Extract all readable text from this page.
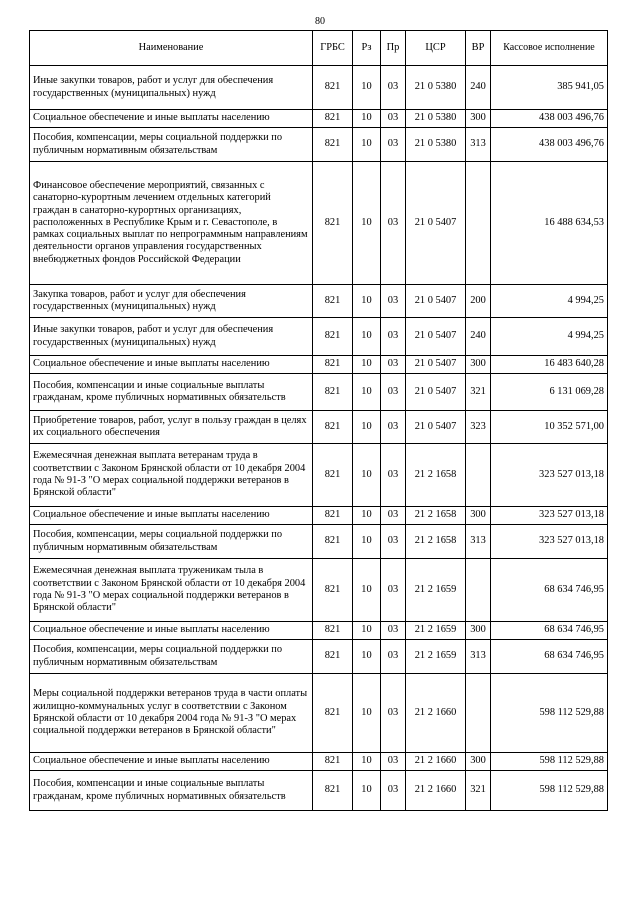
80
Наименование	ГРБС	Рз	Пр	ЦСР	ВР	Кассовое исполнение
Иные закупки товаров, работ и услуг для обеспечения государственных (муниципальных) нужд	821	10	03	21 0 5380	240	385 941,05
Социальное обеспечение и иные выплаты населению	821	10	03	21 0 5380	300	438 003 496,76
Пособия, компенсации, меры социальной поддержки по публичным нормативным обязательствам	821	10	03	21 0 5380	313	438 003 496,76
Финансовое обеспечение мероприятий, связанных с санаторно-курортным лечением отдельных категорий граждан в санаторно-курортных организациях, расположенных в Республике Крым и г. Севастополе, в рамках социальных выплат по непрограммным направлениям деятельности органов управления государственных внебюджетных фондов Российской Федерации	821	10	03	21 0 5407		16 488 634,53
Закупка товаров, работ и услуг для обеспечения государственных (муниципальных) нужд	821	10	03	21 0 5407	200	4 994,25
Иные закупки товаров, работ и услуг для обеспечения государственных (муниципальных) нужд	821	10	03	21 0 5407	240	4 994,25
Социальное обеспечение и иные выплаты населению	821	10	03	21 0 5407	300	16 483 640,28
Пособия, компенсации и иные социальные выплаты гражданам, кроме публичных нормативных обязательств	821	10	03	21 0 5407	321	6 131 069,28
Приобретение товаров, работ, услуг в пользу граждан в целях их социального обеспечения	821	10	03	21 0 5407	323	10 352 571,00
Ежемесячная денежная выплата ветеранам труда в соответствии с Законом Брянской области от 10 декабря 2004 года № 91-З "О мерах социальной поддержки ветеранов в Брянской области"	821	10	03	21 2 1658		323 527 013,18
Социальное обеспечение и иные выплаты населению	821	10	03	21 2 1658	300	323 527 013,18
Пособия, компенсации, меры социальной поддержки по публичным нормативным обязательствам	821	10	03	21 2 1658	313	323 527 013,18
Ежемесячная денежная выплата труженикам тыла в соответствии с Законом Брянской области от 10 декабря 2004 года № 91-З "О мерах социальной поддержки ветеранов в Брянской области"	821	10	03	21 2 1659		68 634 746,95
Социальное обеспечение и иные выплаты населению	821	10	03	21 2 1659	300	68 634 746,95
Пособия, компенсации, меры социальной поддержки по публичным нормативным обязательствам	821	10	03	21 2 1659	313	68 634 746,95
Меры социальной поддержки ветеранов труда в части оплаты жилищно-коммунальных услуг в соответствии с Законом Брянской области от 10 декабря 2004 года № 91-З "О мерах социальной поддержки ветеранов в Брянской области"	821	10	03	21 2 1660		598 112 529,88
Социальное обеспечение и иные выплаты населению	821	10	03	21 2 1660	300	598 112 529,88
Пособия, компенсации и иные социальные выплаты гражданам, кроме публичных нормативных обязательств	821	10	03	21 2 1660	321	598 112 529,88
